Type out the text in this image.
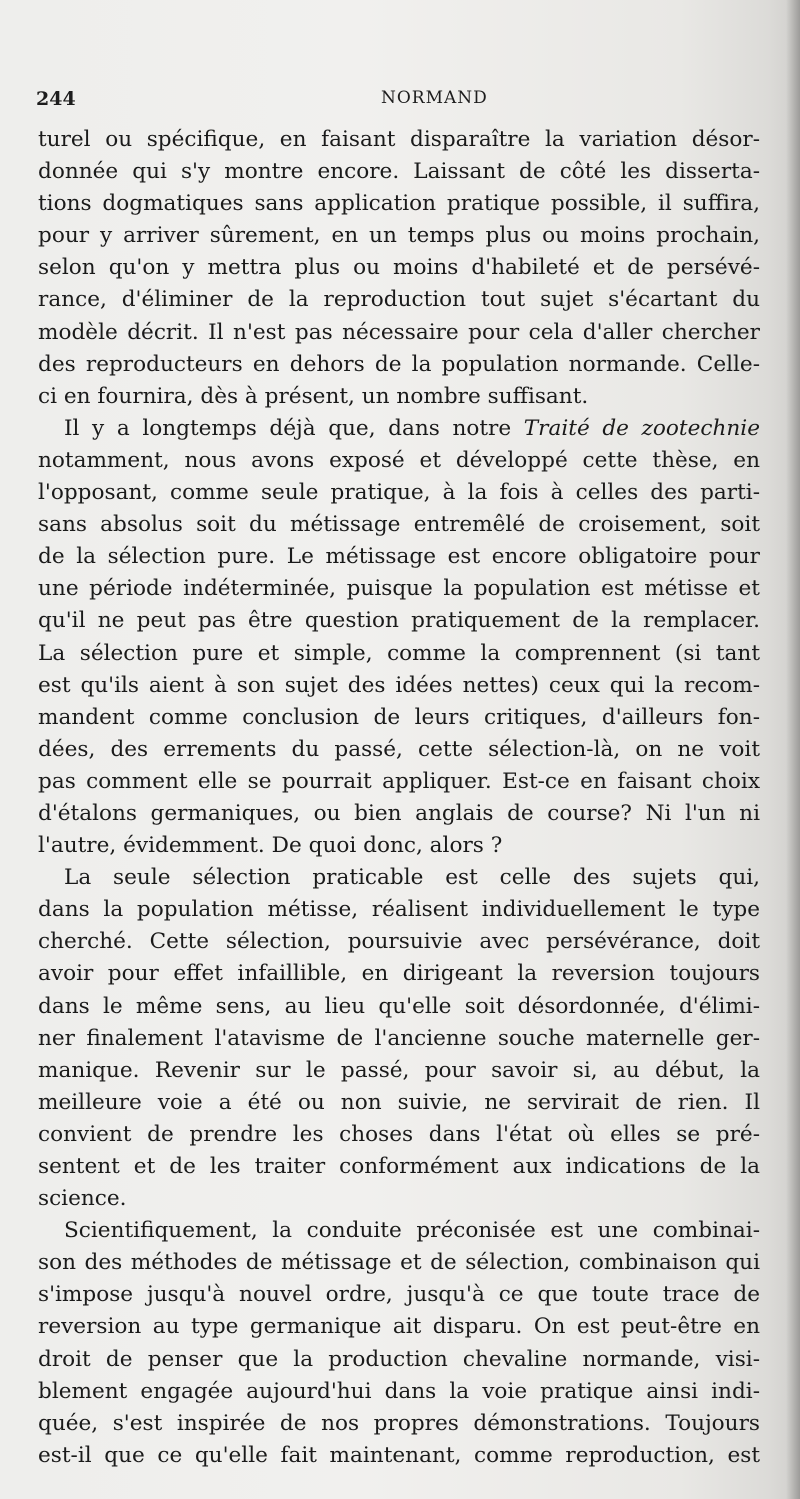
244	NORMAND
turel ou spécifique, en faisant disparaître la variation désor-
donnée qui s'y montre encore. Laissant de côté les disserta-
tions dogmatiques sans application pratique possible, il suffira,
pour y arriver sûrement, en un temps plus ou moins prochain,
selon qu'on y mettra plus ou moins d'habileté et de persévé-
rance, d'éliminer de la reproduction tout sujet s'écartant du
modèle décrit. Il n'est pas nécessaire pour cela d'aller chercher
des reproducteurs en dehors de la population normande. Celle-
ci en fournira, dès à présent, un nombre suffisant.
Il y a longtemps déjà que, dans notre Traité de zootechnie
notamment, nous avons exposé et développé cette thèse, en
l'opposant, comme seule pratique, à la fois à celles des parti-
sans absolus soit du métissage entremêlé de croisement, soit
de la sélection pure. Le métissage est encore obligatoire pour
une période indéterminée, puisque la population est métisse et
qu'il ne peut pas être question pratiquement de la remplacer.
La sélection pure et simple, comme la comprennent (si tant
est qu'ils aient à son sujet des idées nettes) ceux qui la recom-
mandent comme conclusion de leurs critiques, d'ailleurs fon-
dées, des errements du passé, cette sélection-là, on ne voit
pas comment elle se pourrait appliquer. Est-ce en faisant choix
d'étalons germaniques, ou bien anglais de course? Ni l'un ni
l'autre, évidemment. De quoi donc, alors ?
La seule sélection praticable est celle des sujets qui,
dans la population métisse, réalisent individuellement le type
cherché. Cette sélection, poursuivie avec persévérance, doit
avoir pour effet infaillible, en dirigeant la reversion toujours
dans le même sens, au lieu qu'elle soit désordonnée, d'élimi-
ner finalement l'atavisme de l'ancienne souche maternelle ger-
manique. Revenir sur le passé, pour savoir si, au début, la
meilleure voie a été ou non suivie, ne servirait de rien. Il
convient de prendre les choses dans l'état où elles se pré-
sentent et de les traiter conformément aux indications de la
science.
Scientifiquement, la conduite préconisée est une combinai-
son des méthodes de métissage et de sélection, combinaison qui
s'impose jusqu'à nouvel ordre, jusqu'à ce que toute trace de
reversion au type germanique ait disparu. On est peut-être en
droit de penser que la production chevaline normande, visi-
blement engagée aujourd'hui dans la voie pratique ainsi indi-
quée, s'est inspirée de nos propres démonstrations. Toujours
est-il que ce qu'elle fait maintenant, comme reproduction, est
